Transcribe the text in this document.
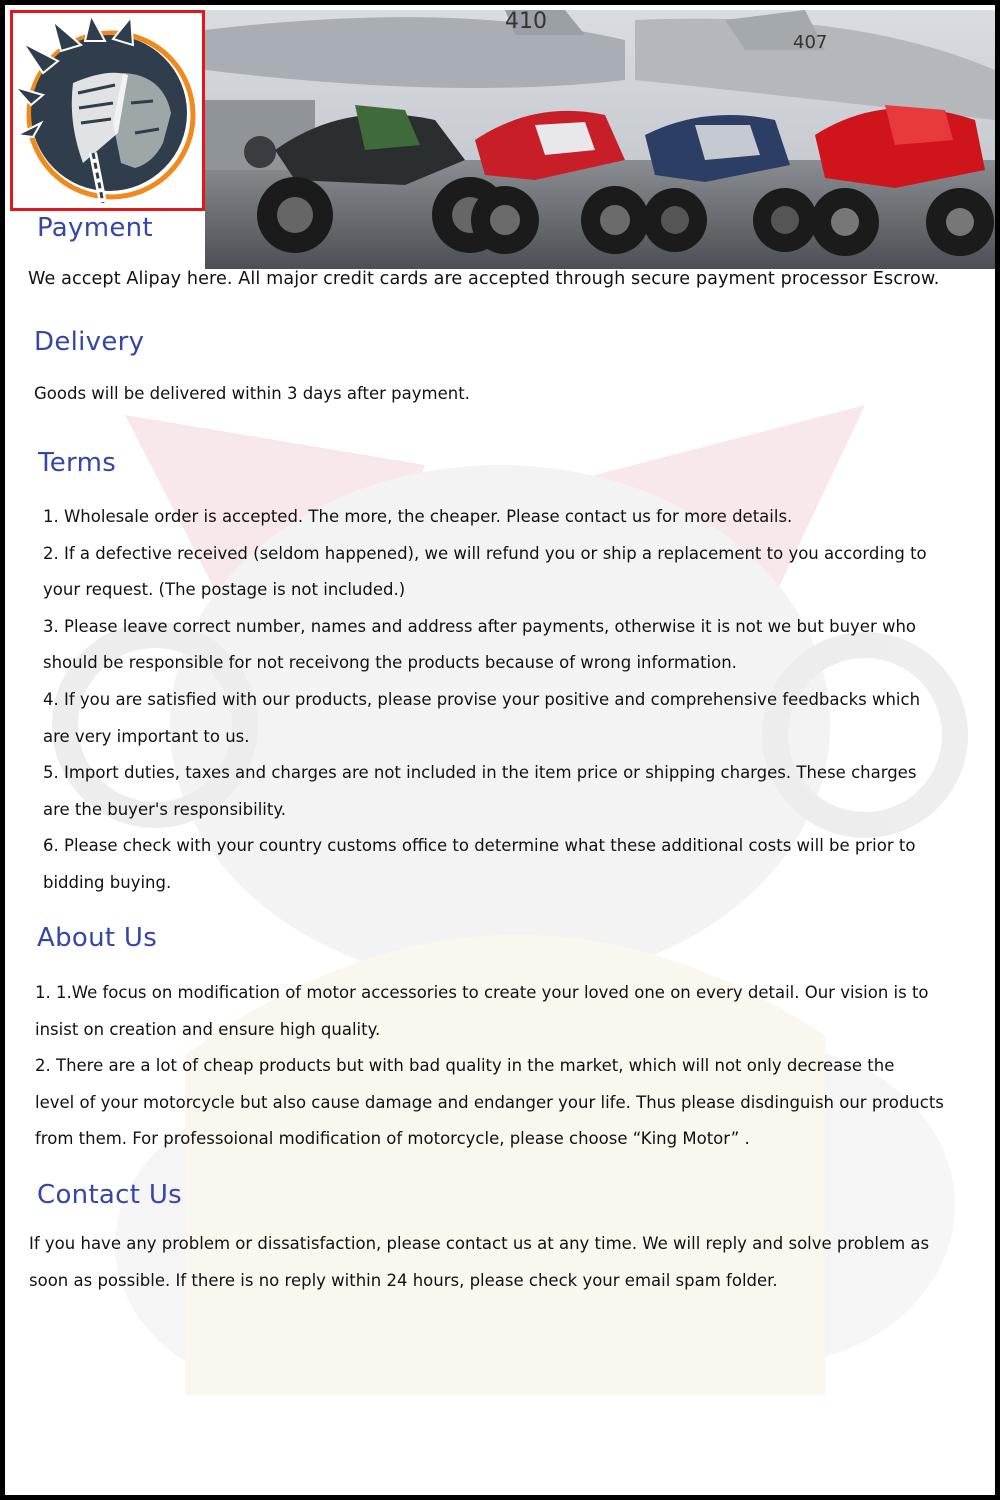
410
407
Payment
We accept Alipay here. All major credit cards are accepted through secure payment processor Escrow.
Delivery
Goods will be delivered within 3 days after payment.
Terms
1. Wholesale order is accepted. The more, the cheaper. Please contact us for more details.
2. If a defective received (seldom happened), we will refund you or ship a replacement to you according to
your request. (The postage is not included.)
3. Please leave correct number, names and address after payments, otherwise it is not we but buyer who
should be responsible for not receivong the products because of wrong information.
4. If you are satisfied with our products, please provise your positive and comprehensive feedbacks which
are very important to us.
5. Import duties, taxes and charges are not included in the item price or shipping charges. These charges
are the buyer's responsibility.
6. Please check with your country customs office to determine what these additional costs will be prior to
bidding buying.
About Us
1. 1.We focus on modification of motor accessories to create your loved one on every detail. Our vision is to
insist on creation and ensure high quality.
2. There are a lot of cheap products but with bad quality in the market, which will not only decrease the
level of your motorcycle but also cause damage and endanger your life. Thus please disdinguish our products
from them. For professoional modification of motorcycle, please choose “King Motor” .
Contact Us
If you have any problem or dissatisfaction, please contact us at any time. We will reply and solve problem as
soon as possible. If there is no reply within 24 hours, please check your email spam folder.
